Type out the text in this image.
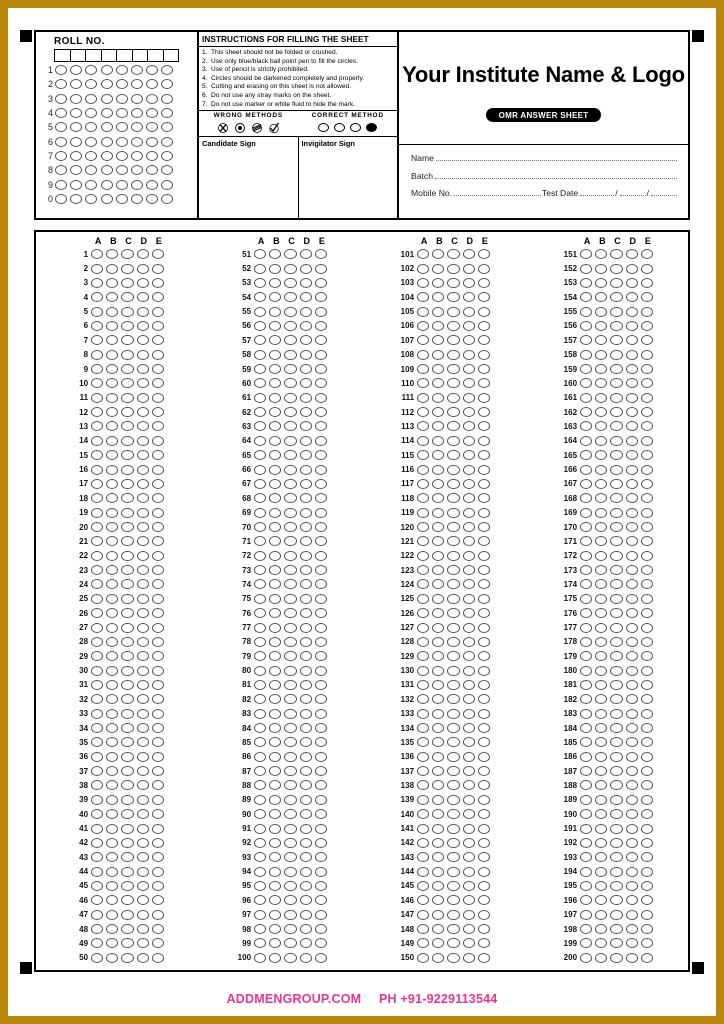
ROLL NO.
1
2
3
4
5
6
7
8
9
0
INSTRUCTIONS FOR FILLING THE SHEET
1. This sheet should not be folded or crushed.
2. Use only blue/black ball point pen to fill the circles.
3. Use of pencil is strictly prohibited.
4. Circles should be darkened completely and properly.
5. Cutting and erasing on this sheet is not allowed.
6. Do not use any stray marks on the sheet.
7. Do not use marker or white fluid to hide the mark.
WRONG METHODS	CORRECT METHOD
Candidate Sign	Invigilator Sign
Your Institute Name & Logo
OMR ANSWER SHEET
Name
Batch
Mobile No.	Test Date	/	/
A B C D E
1
2
3
4
5
6
7
8
9
10
11
12
13
14
15
16
17
18
19
20
21
22
23
24
25
26
27
28
29
30
31
32
33
34
35
36
37
38
39
40
41
42
43
44
45
46
47
48
49
50
A B C D E
51
52
53
54
55
56
57
58
59
60
61
62
63
64
65
66
67
68
69
70
71
72
73
74
75
76
77
78
79
80
81
82
83
84
85
86
87
88
89
90
91
92
93
94
95
96
97
98
99
100
A B C D E
101
102
103
104
105
106
107
108
109
110
111
112
113
114
115
116
117
118
119
120
121
122
123
124
125
126
127
128
129
130
131
132
133
134
135
136
137
138
139
140
141
142
143
144
145
146
147
148
149
150
A B C D E
151
152
153
154
155
156
157
158
159
160
161
162
163
164
165
166
167
168
169
170
171
172
173
174
175
176
177
178
179
180
181
182
183
184
185
186
187
188
189
190
191
192
193
194
195
196
197
198
199
200
ADDMENGROUP.COM PH +91-9229113544
